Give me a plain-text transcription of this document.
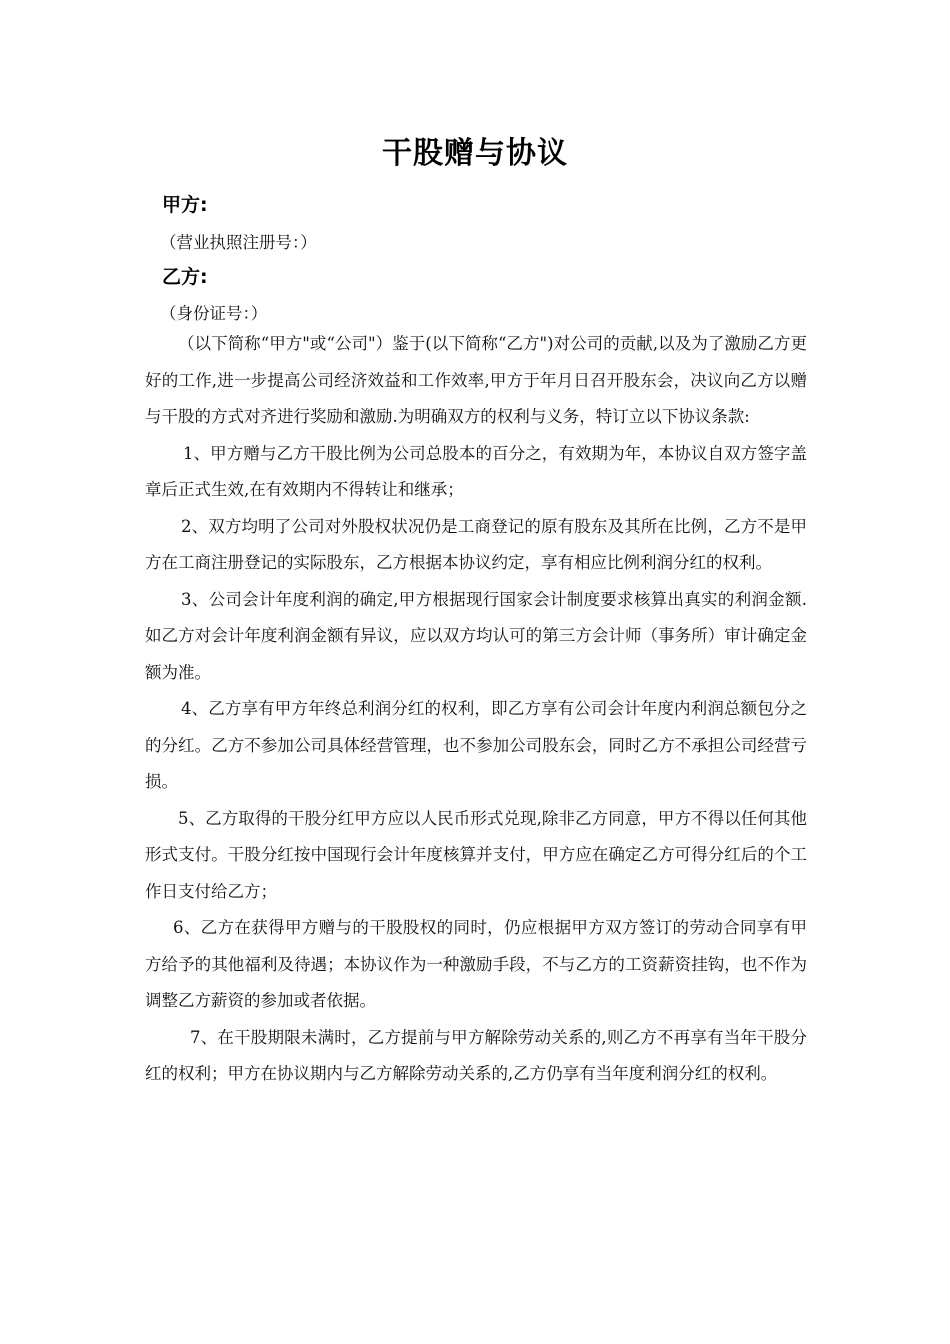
干股赠与协议
甲方:
（营业执照注册号：）
乙方:
（身份证号：）

（以下简称“甲方"或“公司"）鉴于(以下简称“乙方")对公司的贡献,以及为了激励乙方更好的工作,进一步提高公司经济效益和工作效率,甲方于年月日召开股东会，决议向乙方以赠与干股的方式对齐进行奖励和激励.为明确双方的权利与义务，特订立以下协议条款:

1、甲方赠与乙方干股比例为公司总股本的百分之，有效期为年，本协议自双方签字盖章后正式生效,在有效期内不得转让和继承；

2、双方均明了公司对外股权状况仍是工商登记的原有股东及其所在比例，乙方不是甲方在工商注册登记的实际股东，乙方根据本协议约定，享有相应比例利润分红的权利。

3、公司会计年度利润的确定,甲方根据现行国家会计制度要求核算出真实的利润金额.如乙方对会计年度利润金额有异议，应以双方均认可的第三方会计师（事务所）审计确定金额为准。

4、乙方享有甲方年终总利润分红的权利，即乙方享有公司会计年度内利润总额包分之的分红。乙方不参加公司具体经营管理，也不参加公司股东会，同时乙方不承担公司经营亏损。

5、乙方取得的干股分红甲方应以人民币形式兑现,除非乙方同意，甲方不得以任何其他形式支付。干股分红按中国现行会计年度核算并支付，甲方应在确定乙方可得分红后的个工作日支付给乙方；

6、乙方在获得甲方赠与的干股股权的同时，仍应根据甲方双方签订的劳动合同享有甲方给予的其他福利及待遇；本协议作为一种激励手段，不与乙方的工资薪资挂钩，也不作为调整乙方薪资的参加或者依据。

7、在干股期限未满时，乙方提前与甲方解除劳动关系的,则乙方不再享有当年干股分红的权利；甲方在协议期内与乙方解除劳动关系的,乙方仍享有当年度利润分红的权利。
